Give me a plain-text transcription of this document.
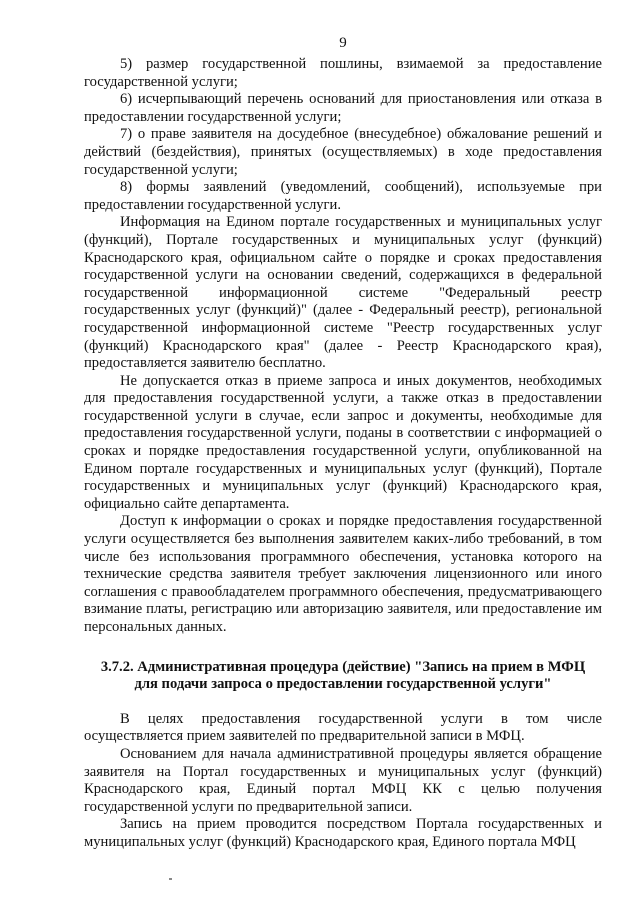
9

5) размер государственной пошлины, взимаемой за предоставление государственной услуги;

6) исчерпывающий перечень оснований для приостановления или отказа в предоставлении государственной услуги;

7) о праве заявителя на досудебное (внесудебное) обжалование решений и действий (бездействия), принятых (осуществляемых) в ходе предоставления государственной услуги;

8) формы заявлений (уведомлений, сообщений), используемые при предоставлении государственной услуги.

Информация на Едином портале государственных и муниципальных услуг (функций), Портале государственных и муниципальных услуг (функций) Краснодарского края, официальном сайте о порядке и сроках предоставления государственной услуги на основании сведений, содержащихся в федеральной государственной информационной системе "Федеральный реестр государственных услуг (функций)" (далее - Федеральный реестр), региональной государственной информационной системе "Реестр государственных услуг (функций) Краснодарского края" (далее - Реестр Краснодарского края), предоставляется заявителю бесплатно.

Не допускается отказ в приеме запроса и иных документов, необходимых для предоставления государственной услуги, а также отказ в предоставлении государственной услуги в случае, если запрос и документы, необходимые для предоставления государственной услуги, поданы в соответствии с информацией о сроках и порядке предоставления государственной услуги, опубликованной на Едином портале государственных и муниципальных услуг (функций), Портале государственных и муниципальных услуг (функций) Краснодарского края, официально сайте департамента.

Доступ к информации о сроках и порядке предоставления государственной услуги осуществляется без выполнения заявителем каких-либо требований, в том числе без использования программного обеспечения, установка которого на технические средства заявителя требует заключения лицензионного или иного соглашения с правообладателем программного обеспечения, предусматривающего взимание платы, регистрацию или авторизацию заявителя, или предоставление им персональных данных.

3.7.2. Административная процедура (действие) "Запись на прием в МФЦ для подачи запроса о предоставлении государственной услуги"

В целях предоставления государственной услуги в том числе осуществляется прием заявителей по предварительной записи в МФЦ.

Основанием для начала административной процедуры является обращение заявителя на Портал государственных и муниципальных услуг (функций) Краснодарского края, Единый портал МФЦ КК с целью получения государственной услуги по предварительной записи.

Запись на прием проводится посредством Портала государственных и муниципальных услуг (функций) Краснодарского края, Единого портала МФЦ
